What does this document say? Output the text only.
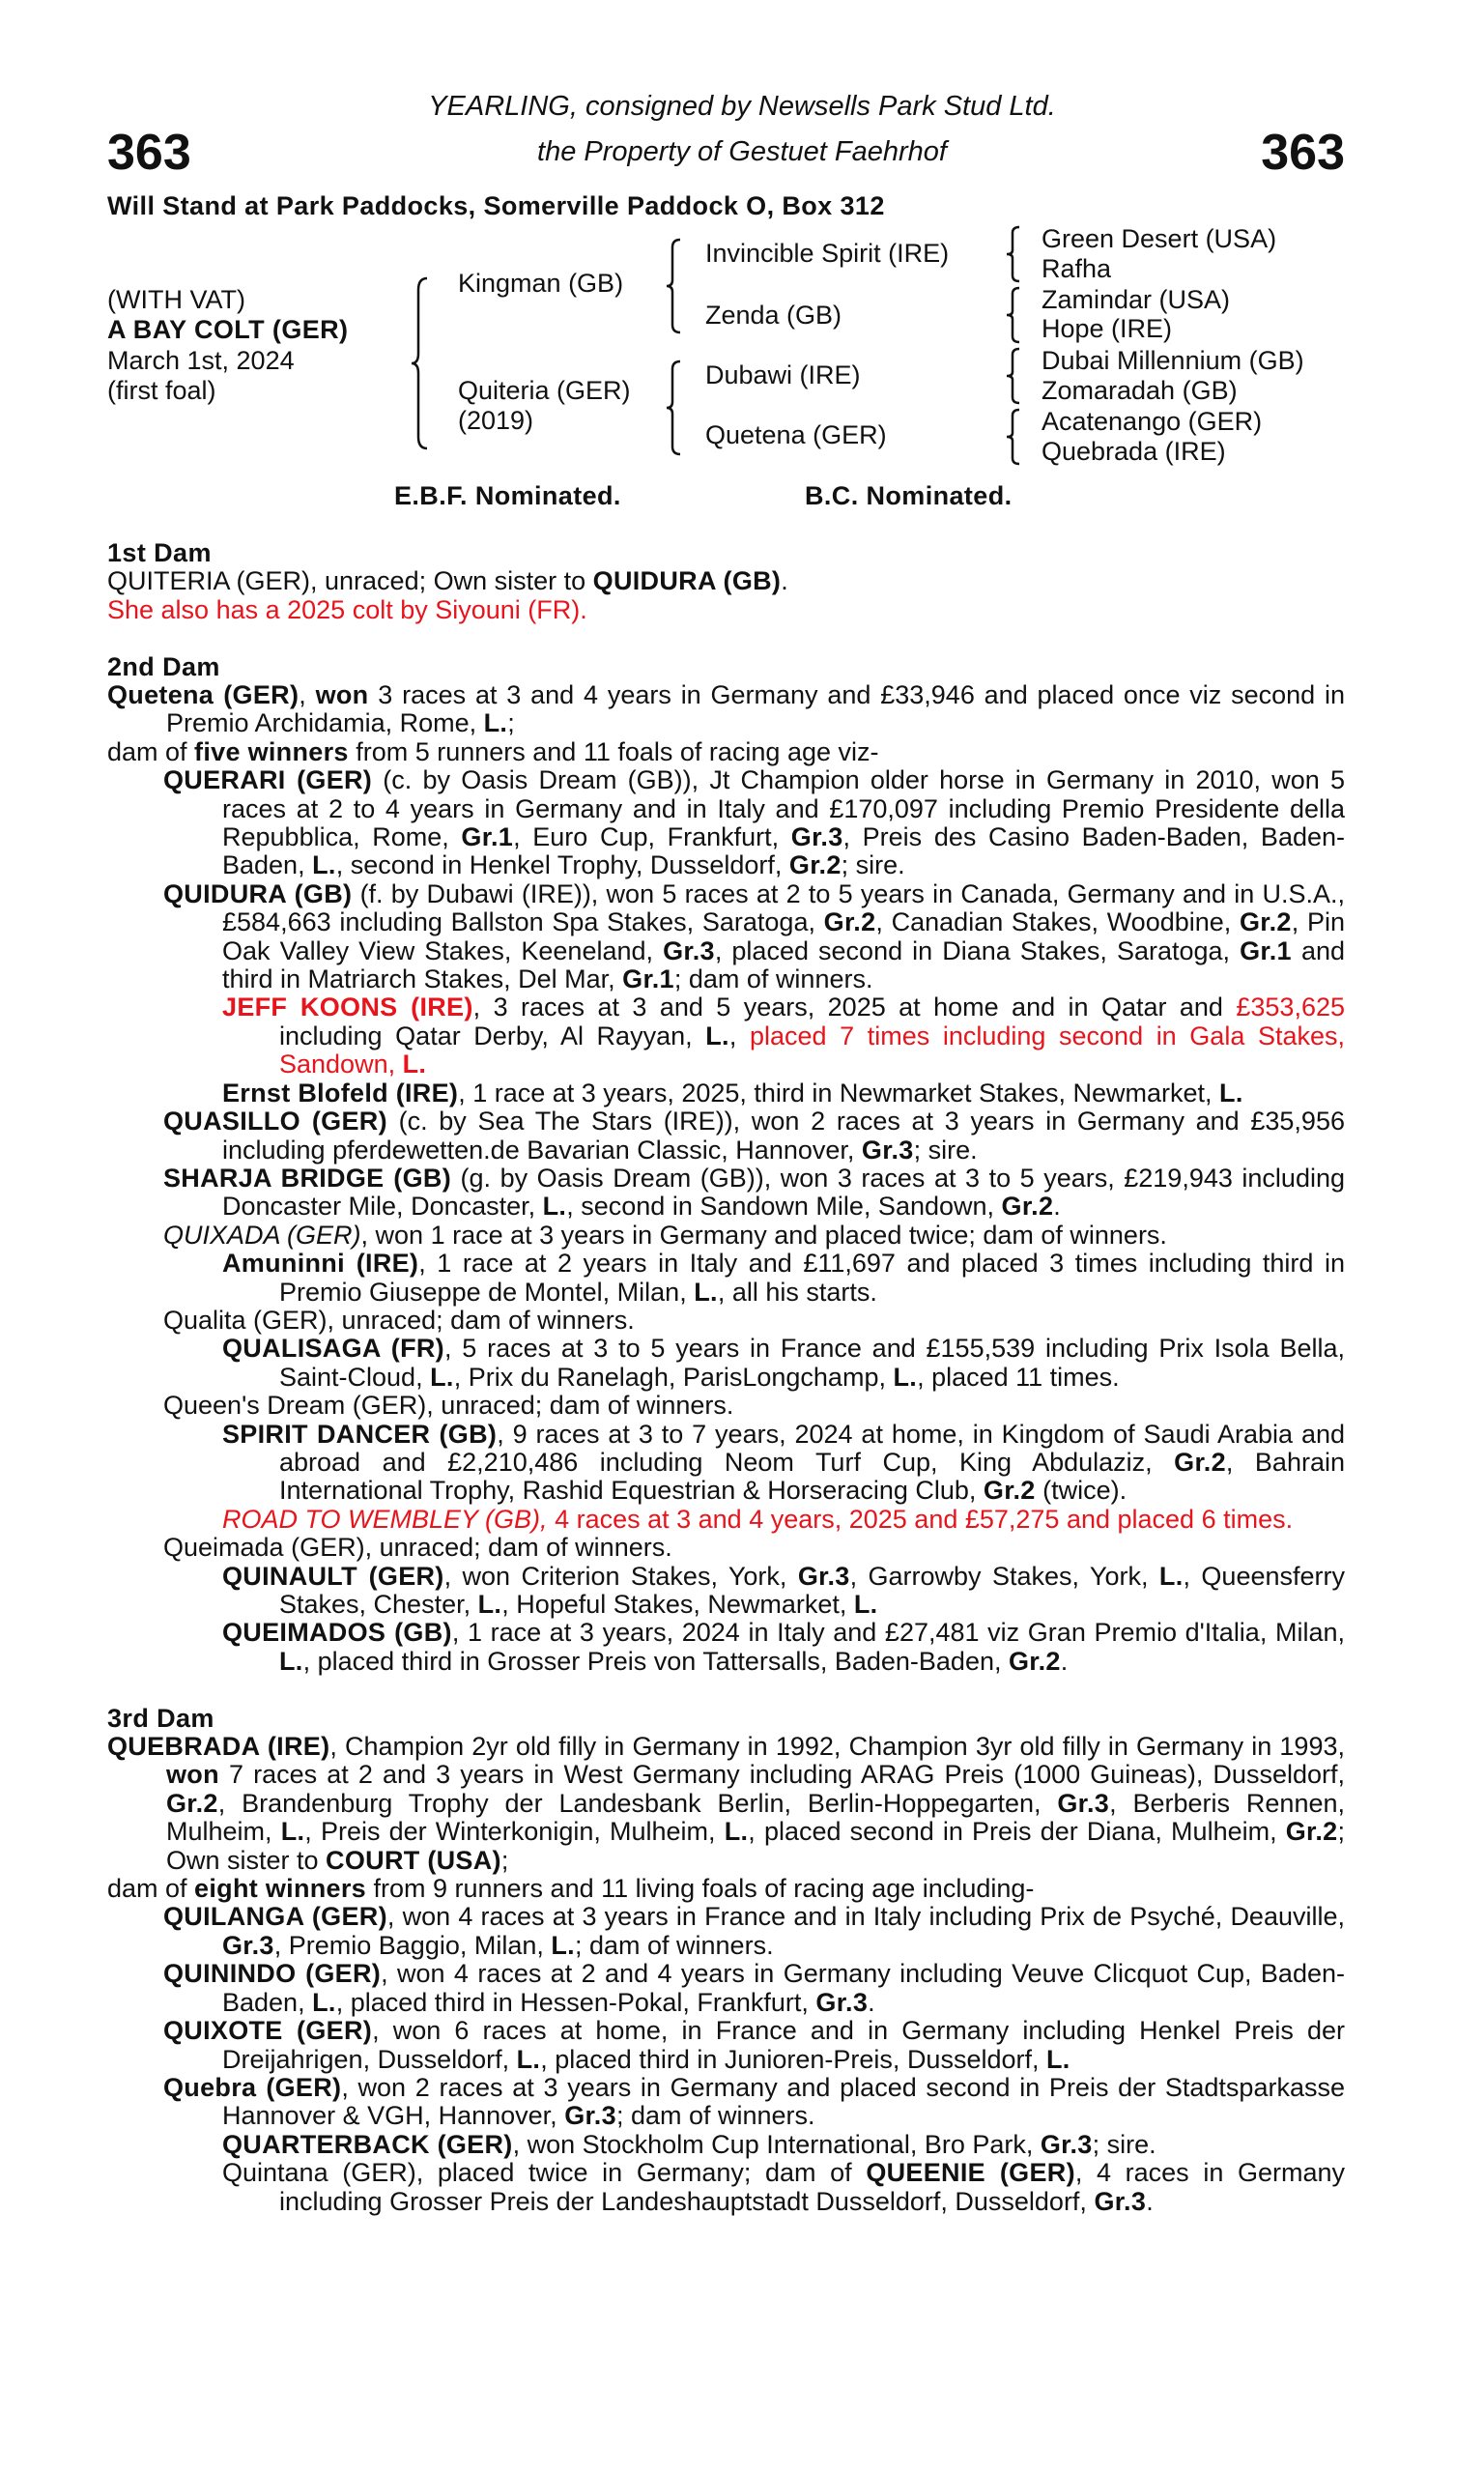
YEARLING, consigned by Newsells Park Stud Ltd.
the Property of Gestuet Faehrhof
363	363
Will Stand at Park Paddocks, Somerville Paddock O, Box 312
(WITH VAT)
A BAY COLT (GER)
March 1st, 2024
(first foal)
Kingman (GB)
Quiteria (GER)
(2019)
Invincible Spirit (IRE)
Zenda (GB)
Dubawi (IRE)
Quetena (GER)
Green Desert (USA)
Rafha
Zamindar (USA)
Hope (IRE)
Dubai Millennium (GB)
Zomaradah (GB)
Acatenango (GER)
Quebrada (IRE)
E.B.F. Nominated.	B.C. Nominated.
1st Dam
QUITERIA (GER), unraced; Own sister to QUIDURA (GB).
She also has a 2025 colt by Siyouni (FR).
2nd Dam
Quetena (GER), won 3 races at 3 and 4 years in Germany and £33,946 and placed once viz second in Premio Archidamia, Rome, L.;
dam of five winners from 5 runners and 11 foals of racing age viz-
QUERARI (GER) (c. by Oasis Dream (GB)), Jt Champion older horse in Germany in 2010, won 5 races at 2 to 4 years in Germany and in Italy and £170,097 including Premio Presidente della Repubblica, Rome, Gr.1, Euro Cup, Frankfurt, Gr.3, Preis des Casino Baden-Baden, Baden-Baden, L., second in Henkel Trophy, Dusseldorf, Gr.2; sire.
QUIDURA (GB) (f. by Dubawi (IRE)), won 5 races at 2 to 5 years in Canada, Germany and in U.S.A., £584,663 including Ballston Spa Stakes, Saratoga, Gr.2, Canadian Stakes, Woodbine, Gr.2, Pin Oak Valley View Stakes, Keeneland, Gr.3, placed second in Diana Stakes, Saratoga, Gr.1 and third in Matriarch Stakes, Del Mar, Gr.1; dam of winners.
JEFF KOONS (IRE), 3 races at 3 and 5 years, 2025 at home and in Qatar and £353,625 including Qatar Derby, Al Rayyan, L., placed 7 times including second in Gala Stakes, Sandown, L.
Ernst Blofeld (IRE), 1 race at 3 years, 2025, third in Newmarket Stakes, Newmarket, L.
QUASILLO (GER) (c. by Sea The Stars (IRE)), won 2 races at 3 years in Germany and £35,956 including pferdewetten.de Bavarian Classic, Hannover, Gr.3; sire.
SHARJA BRIDGE (GB) (g. by Oasis Dream (GB)), won 3 races at 3 to 5 years, £219,943 including Doncaster Mile, Doncaster, L., second in Sandown Mile, Sandown, Gr.2.
QUIXADA (GER), won 1 race at 3 years in Germany and placed twice; dam of winners.
Amuninni (IRE), 1 race at 2 years in Italy and £11,697 and placed 3 times including third in Premio Giuseppe de Montel, Milan, L., all his starts.
Qualita (GER), unraced; dam of winners.
QUALISAGA (FR), 5 races at 3 to 5 years in France and £155,539 including Prix Isola Bella, Saint-Cloud, L., Prix du Ranelagh, ParisLongchamp, L., placed 11 times.
Queen's Dream (GER), unraced; dam of winners.
SPIRIT DANCER (GB), 9 races at 3 to 7 years, 2024 at home, in Kingdom of Saudi Arabia and abroad and £2,210,486 including Neom Turf Cup, King Abdulaziz, Gr.2, Bahrain International Trophy, Rashid Equestrian & Horseracing Club, Gr.2 (twice).
ROAD TO WEMBLEY (GB), 4 races at 3 and 4 years, 2025 and £57,275 and placed 6 times.
Queimada (GER), unraced; dam of winners.
QUINAULT (GER), won Criterion Stakes, York, Gr.3, Garrowby Stakes, York, L., Queensferry Stakes, Chester, L., Hopeful Stakes, Newmarket, L.
QUEIMADOS (GB), 1 race at 3 years, 2024 in Italy and £27,481 viz Gran Premio d'Italia, Milan, L., placed third in Grosser Preis von Tattersalls, Baden-Baden, Gr.2.
3rd Dam
QUEBRADA (IRE), Champion 2yr old filly in Germany in 1992, Champion 3yr old filly in Germany in 1993, won 7 races at 2 and 3 years in West Germany including ARAG Preis (1000 Guineas), Dusseldorf, Gr.2, Brandenburg Trophy der Landesbank Berlin, Berlin-Hoppegarten, Gr.3, Berberis Rennen, Mulheim, L., Preis der Winterkonigin, Mulheim, L., placed second in Preis der Diana, Mulheim, Gr.2; Own sister to COURT (USA);
dam of eight winners from 9 runners and 11 living foals of racing age including-
QUILANGA (GER), won 4 races at 3 years in France and in Italy including Prix de Psyché, Deauville, Gr.3, Premio Baggio, Milan, L.; dam of winners.
QUININDO (GER), won 4 races at 2 and 4 years in Germany including Veuve Clicquot Cup, Baden-Baden, L., placed third in Hessen-Pokal, Frankfurt, Gr.3.
QUIXOTE (GER), won 6 races at home, in France and in Germany including Henkel Preis der Dreijahrigen, Dusseldorf, L., placed third in Junioren-Preis, Dusseldorf, L.
Quebra (GER), won 2 races at 3 years in Germany and placed second in Preis der Stadtsparkasse Hannover & VGH, Hannover, Gr.3; dam of winners.
QUARTERBACK (GER), won Stockholm Cup International, Bro Park, Gr.3; sire.
Quintana (GER), placed twice in Germany; dam of QUEENIE (GER), 4 races in Germany including Grosser Preis der Landeshauptstadt Dusseldorf, Dusseldorf, Gr.3.
